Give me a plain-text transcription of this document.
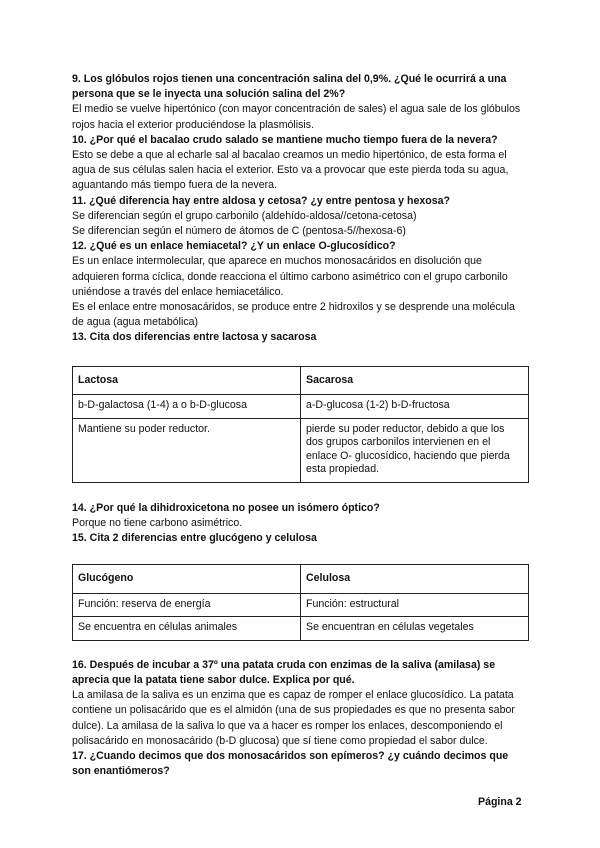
9. Los glóbulos rojos tienen una concentración salina del 0,9%. ¿Qué le ocurrirá a una persona que se le inyecta una solución salina del 2%?

El medio se vuelve hipertónico (con mayor concentración de sales) el agua sale de los glóbulos rojos hacia el exterior produciéndose la plasmólisis.

10. ¿Por qué el bacalao crudo salado se mantiene mucho tiempo fuera de la nevera?

Esto se debe a que al echarle sal al bacalao creamos un medio hipertónico, de esta forma el agua de sus células salen hacia el exterior. Esto va a provocar que este pierda toda su agua, aguantando más tiempo fuera de la nevera.

11. ¿Qué diferencia hay entre aldosa y cetosa? ¿y entre pentosa y hexosa?

Se diferencian según el grupo carbonilo (aldehído-aldosa//cetona-cetosa)

Se diferencian según el número de átomos de C (pentosa-5//hexosa-6)

12. ¿Qué es un enlace hemiacetal? ¿Y un enlace O-glucosídico?

Es un enlace intermolecular, que aparece en muchos monosacáridos en disolución que adquieren forma cíclica, donde reacciona el último carbono asimétrico con el grupo carbonilo uniéndose a través del enlace hemiacetálico.

Es el enlace entre monosacáridos, se produce entre 2 hidroxilos y se desprende una molécula de agua (agua metabólica)

13. Cita dos diferencias entre lactosa y sacarosa

Lactosa	Sacarosa
b-D-galactosa (1-4) a o b-D-glucosa	a-D-glucosa (1-2) b-D-fructosa
Mantiene su poder reductor.	pierde su poder reductor, debido a que los dos grupos carbonilos intervienen en el enlace O- glucosídico, haciendo que pierda esta propiedad.

14. ¿Por qué la dihidroxicetona no posee un isómero óptico?

Porque no tiene carbono asimétrico.

15. Cita 2 diferencias entre glucógeno y celulosa

Glucógeno	Celulosa
Función: reserva de energía	Función: estructural
Se encuentra en células animales	Se encuentran en células vegetales

16. Después de incubar a 37º una patata cruda con enzimas de la saliva (amilasa) se aprecia que la patata tiene sabor dulce. Explica por qué.

La amilasa de la saliva es un enzima que es capaz de romper el enlace glucosídico. La patata contiene un polisacárido que es el almidón (una de sus propiedades es que no presenta sabor dulce). La amilasa de la saliva lo que va a hacer es romper los enlaces, descomponiendo el polisacárido en monosacárido (b-D glucosa) que sí tiene como propiedad el sabor dulce.

17. ¿Cuando decimos que dos monosacáridos son epímeros? ¿y cuándo decimos que son enantiómeros?

Página 2
